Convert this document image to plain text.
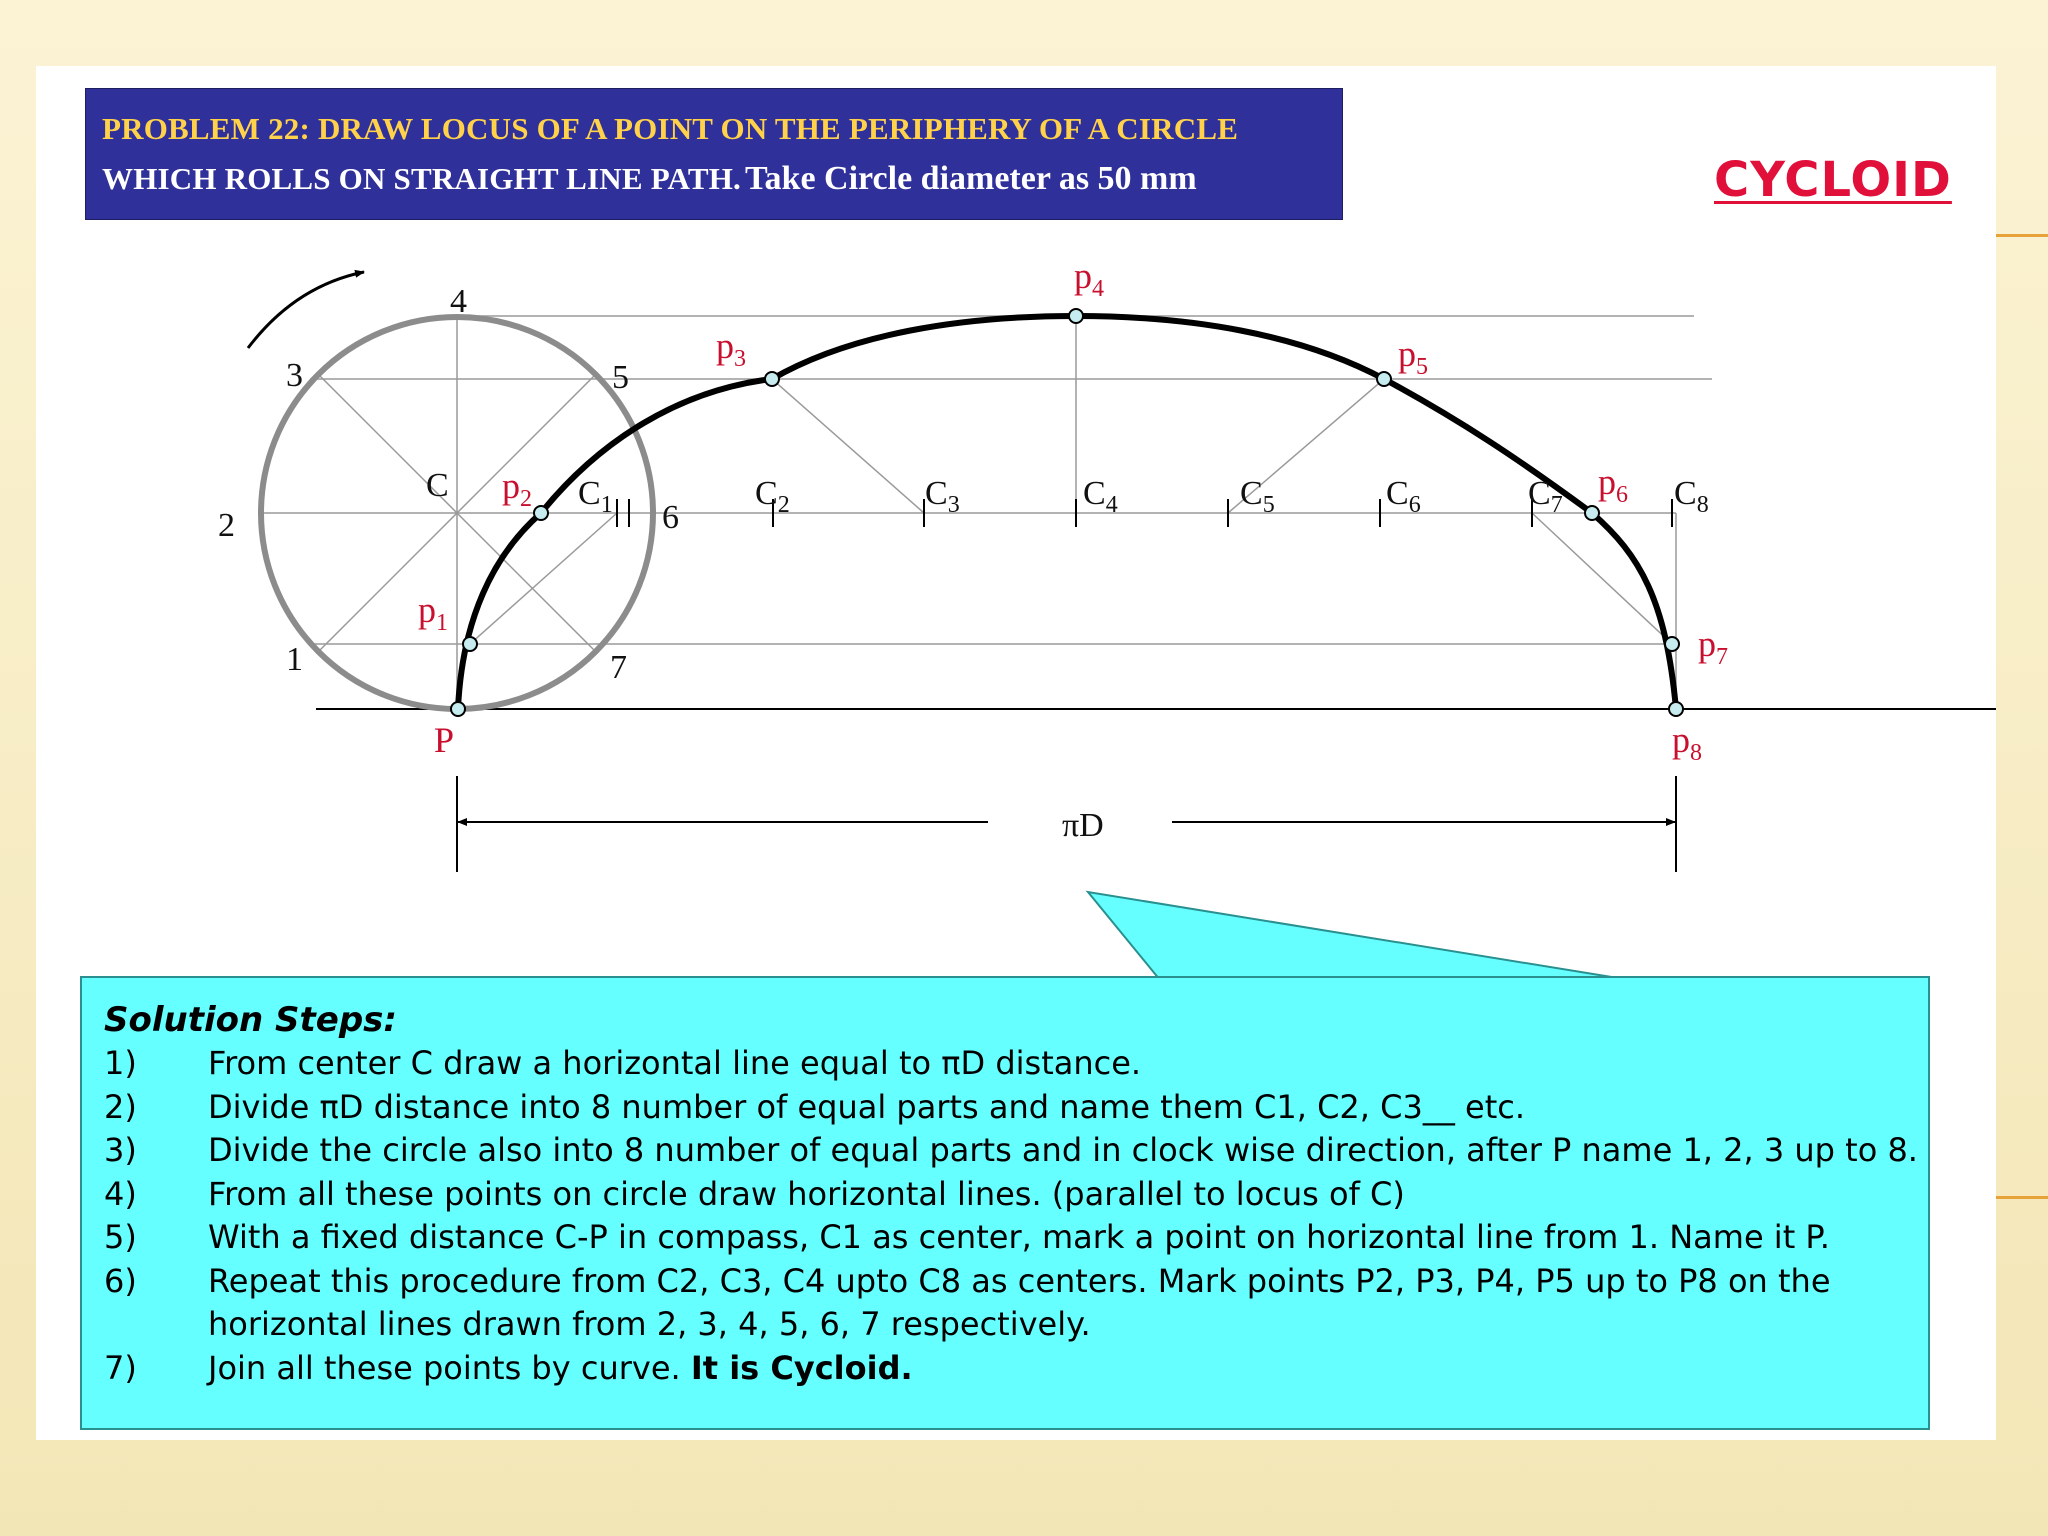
1
2
3
4
5
6
7
C	$C_1$	$C_2$	$C_3$	$C_4$	$C_5$	$C_6$	$C_7$	$C_8$
P
$p_1$
$p_2$
$p_3$
$p_4$
$p_5$
$p_6$
$p_7$
$p_8$
πD
PROBLEM 22: DRAW LOCUS OF A POINT ON THE PERIPHERY OF A CIRCLE
WHICH ROLLS ON STRAIGHT LINE PATH. Take Circle diameter as 50 mm	CYCLOID
Solution Steps:
1)	From center C draw a horizontal line equal to πD distance.
2)	Divide πD distance into 8 number of equal parts and name them C1, C2, C3__ etc.
3)	Divide the circle also into 8 number of equal parts and in clock wise direction, after P name 1, 2, 3 up to 8.
4)	From all these points on circle draw horizontal lines. (parallel to locus of C)
5)	With a fixed distance C-P in compass, C1 as center, mark a point on horizontal line from 1. Name it P.
6)	Repeat this procedure from C2, C3, C4 upto C8 as centers. Mark points P2, P3, P4, P5 up to P8 on the
horizontal lines drawn from 2, 3, 4, 5, 6, 7 respectively.
7)	Join all these points by curve. It is Cycloid.
